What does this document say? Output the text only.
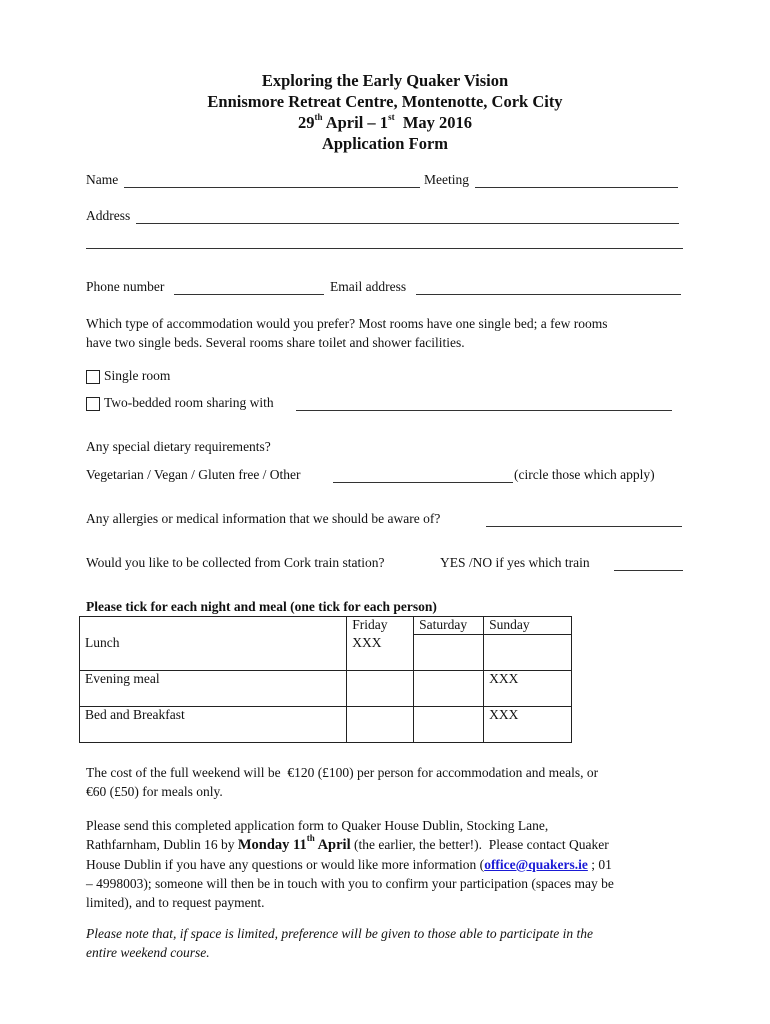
Exploring the Early Quaker Vision
Ennismore Retreat Centre, Montenotte, Cork City
29th April – 1st  May 2016
Application Form
Name	Meeting
Address
Phone number	Email address
Which type of accommodation would you prefer? Most rooms have one single bed; a few rooms
have two single beds. Several rooms share toilet and shower facilities.
Single room
Two-bedded room sharing with
Any special dietary requirements?
Vegetarian / Vegan / Gluten free / Other	(circle those which apply)
Any allergies or medical information that we should be aware of?
Would you like to be collected from Cork train station?	YES /NO if yes which train
Please tick for each night and meal (one tick for each person)
	Friday	Saturday	Sunday
Lunch	XXX		
Evening meal			XXX
Bed and Breakfast			XXX
The cost of the full weekend will be  €120 (£100) per person for accommodation and meals, or
€60 (£50) for meals only.
Please send this completed application form to Quaker House Dublin, Stocking Lane,
Rathfarnham, Dublin 16 by Monday 11th April (the earlier, the better!).  Please contact Quaker
House Dublin if you have any questions or would like more information (office@quakers.ie ; 01
– 4998003); someone will then be in touch with you to confirm your participation (spaces may be
limited), and to request payment.
Please note that, if space is limited, preference will be given to those able to participate in the
entire weekend course.
